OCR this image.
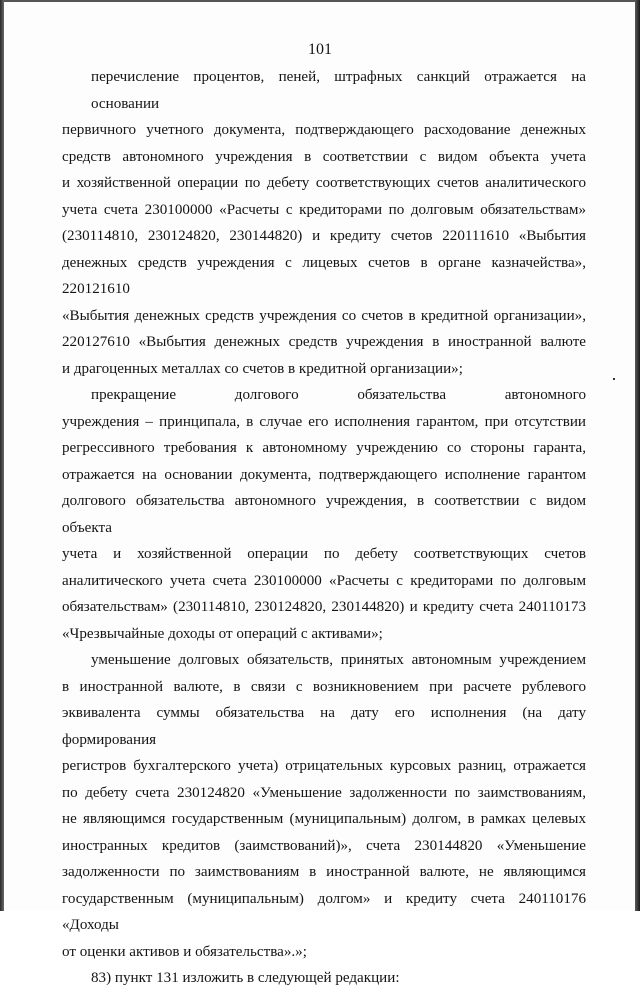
101
перечисление процентов, пеней, штрафных санкций отражается на основании
первичного учетного документа, подтверждающего расходование денежных
средств автономного учреждения в соответствии с видом объекта учета
и хозяйственной операции по дебету соответствующих счетов аналитического
учета счета 230100000 «Расчеты с кредиторами по долговым обязательствам»
(230114810, 230124820, 230144820) и кредиту счетов 220111610 «Выбытия
денежных средств учреждения с лицевых счетов в органе казначейства», 220121610
«Выбытия денежных средств учреждения со счетов в кредитной организации»,
220127610 «Выбытия денежных средств учреждения в иностранной валюте
и драгоценных металлах со счетов в кредитной организации»;
прекращение долгового обязательства автономного
учреждения – принципала, в случае его исполнения гарантом, при отсутствии
регрессивного требования к автономному учреждению со стороны гаранта,
отражается на основании документа, подтверждающего исполнение гарантом
долгового обязательства автономного учреждения, в соответствии с видом объекта
учета и хозяйственной операции по дебету соответствующих счетов
аналитического учета счета 230100000 «Расчеты с кредиторами по долговым
обязательствам» (230114810, 230124820, 230144820) и кредиту счета 240110173
«Чрезвычайные доходы от операций с активами»;
уменьшение долговых обязательств, принятых автономным учреждением
в иностранной валюте, в связи с возникновением при расчете рублевого
эквивалента суммы обязательства на дату его исполнения (на дату формирования
регистров бухгалтерского учета) отрицательных курсовых разниц, отражается
по дебету счета 230124820 «Уменьшение задолженности по заимствованиям,
не являющимся государственным (муниципальным) долгом, в рамках целевых
иностранных кредитов (заимствований)», счета 230144820 «Уменьшение
задолженности по заимствованиям в иностранной валюте, не являющимся
государственным (муниципальным) долгом» и кредиту счета 240110176 «Доходы
от оценки активов и обязательства».»;
83) пункт 131 изложить в следующей редакции:
